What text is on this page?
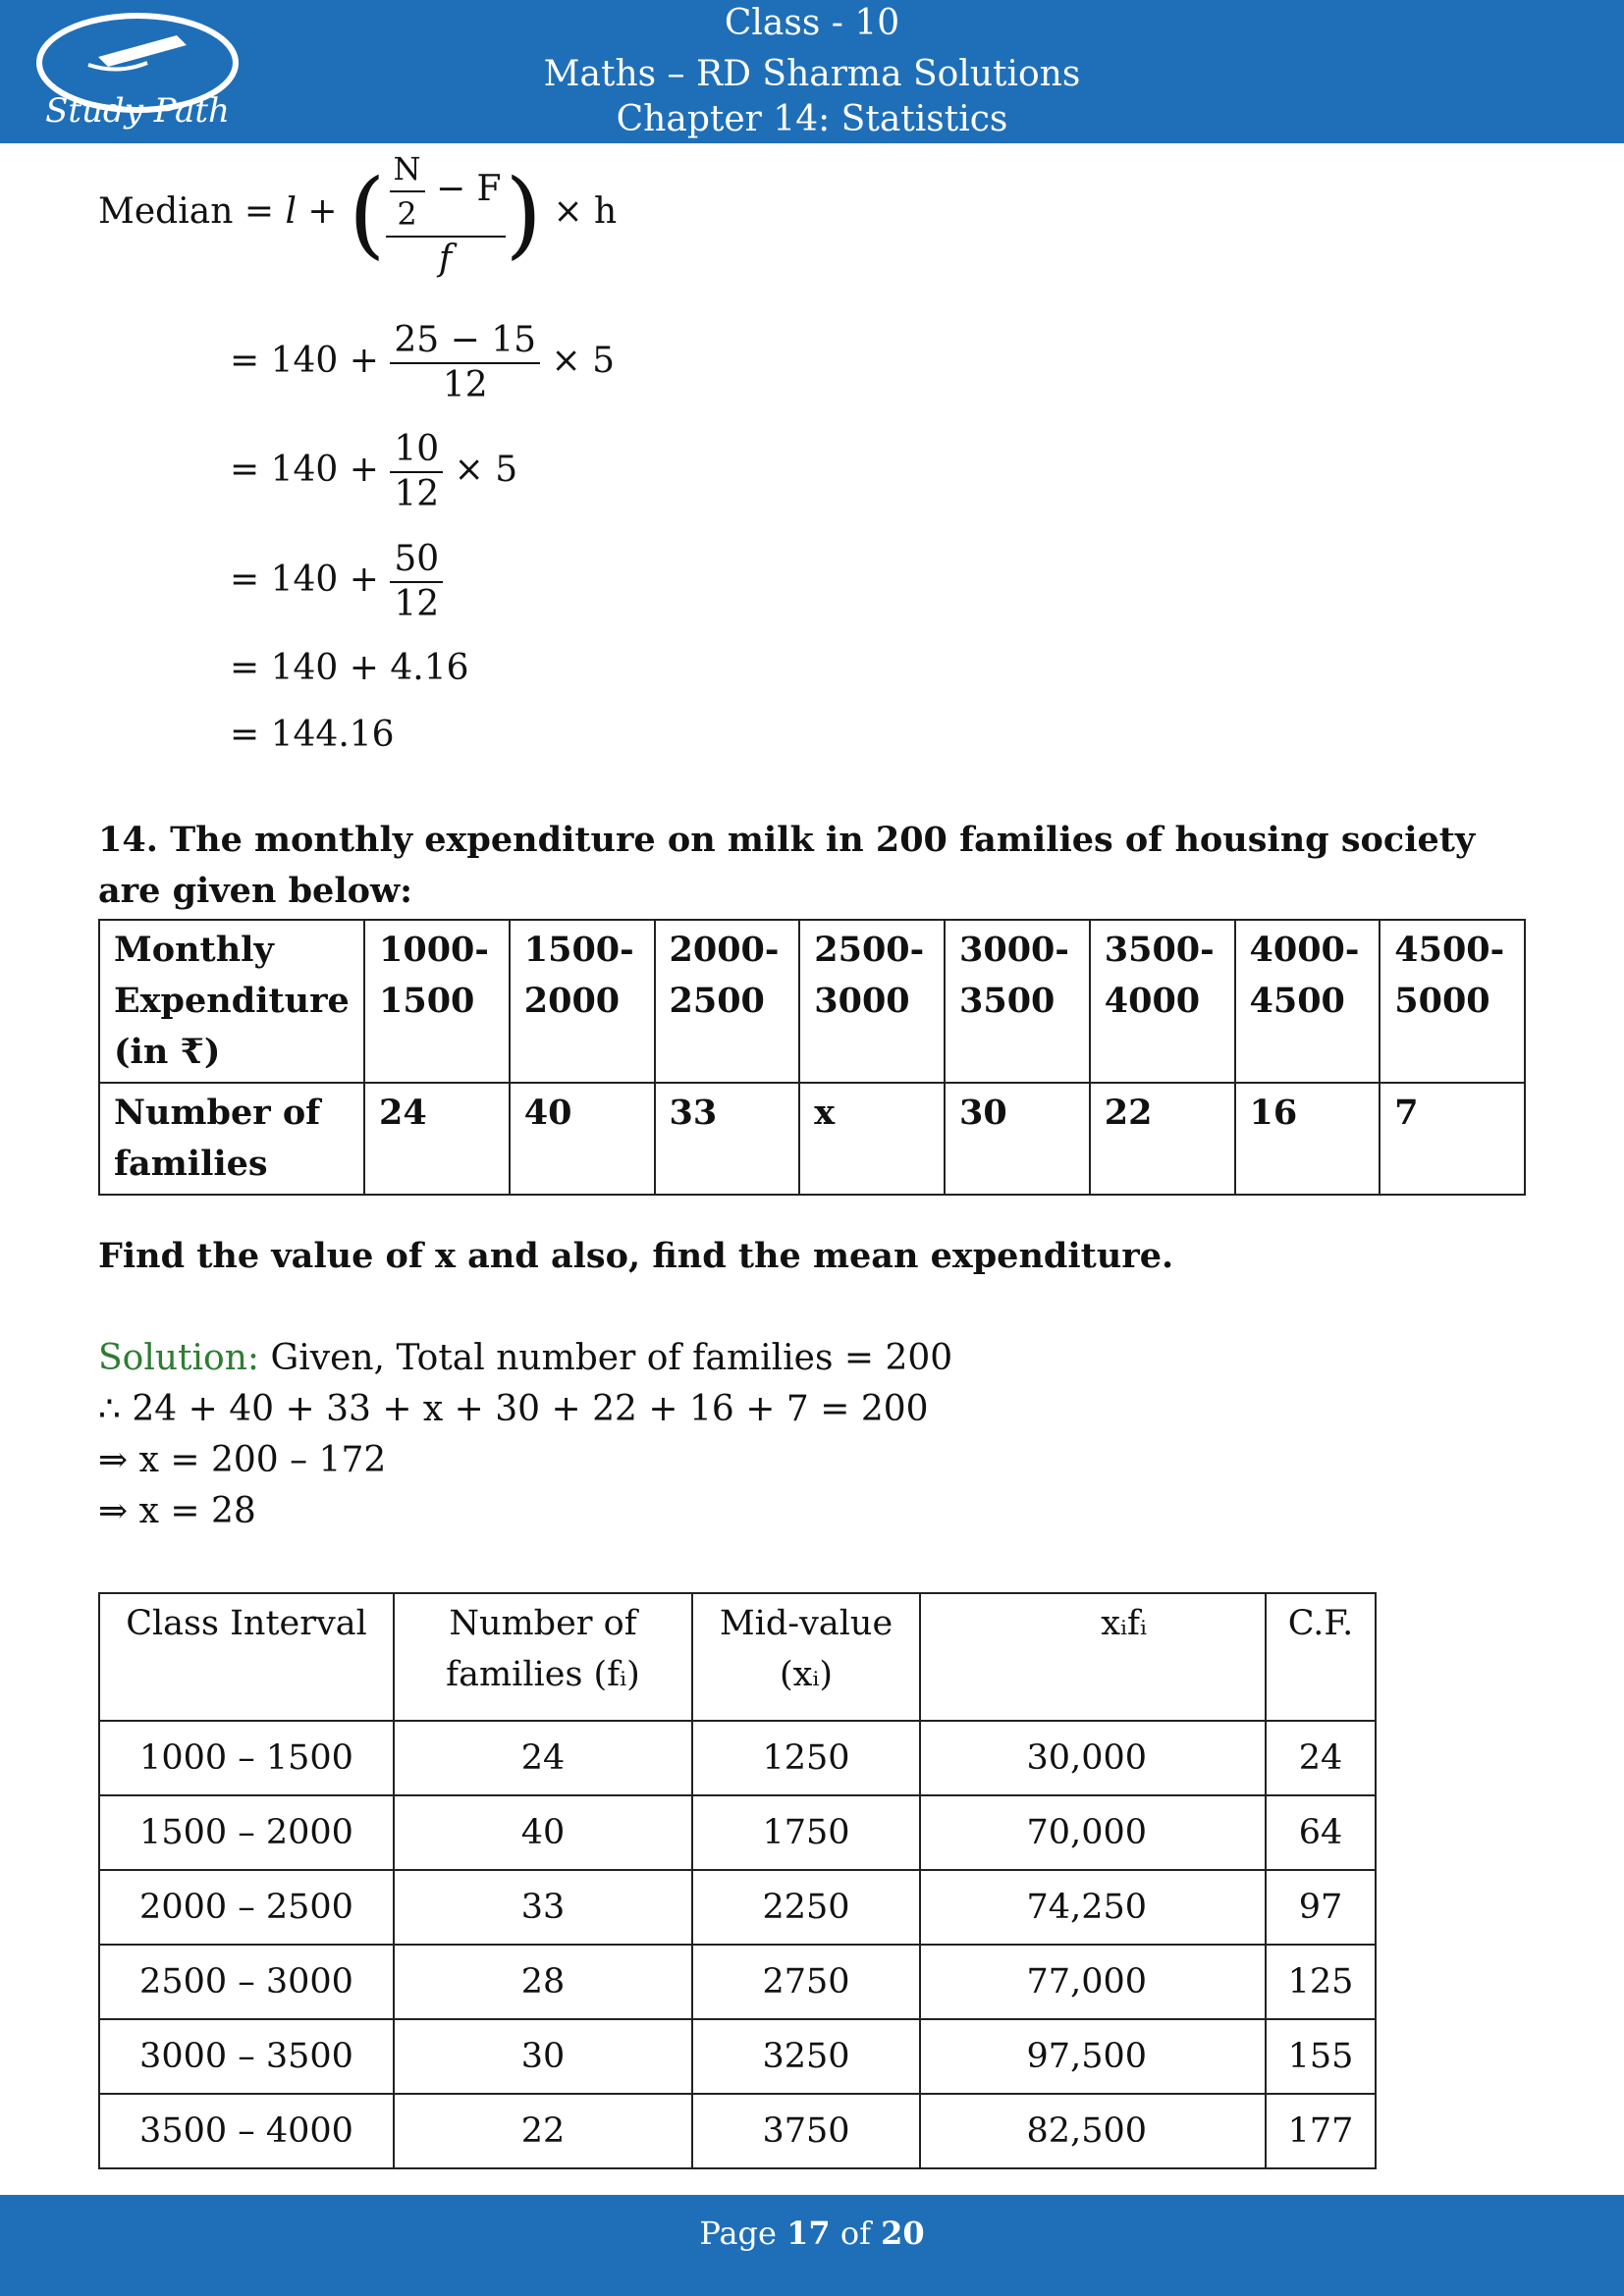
Study Path
Class - 10
Maths – RD Sharma Solutions
Chapter 14: Statistics
Median = l + ( $\frac{\frac{N}{2} - F}{f}$ ) × h
= $140 + \frac{25 - 15}{12} \times 5$
= $140 + \frac{10}{12} \times 5$
= $140 + \frac{50}{12}$
= 140 + 4.16
= 144.16
14. The monthly expenditure on milk in 200 families of housing society are given below:
Monthly Expenditure (in ₹)	1000-1500	1500-2000	2000-2500	2500-3000	3000-3500	3500-4000	4000-4500	4500-5000
Number of families	24	40	33	x	30	22	16	7
Find the value of x and also, find the mean expenditure.
Solution: Given, Total number of families = 200
∴ 24 + 40 + 33 + x + 30 + 22 + 16 + 7 = 200
⇒ x = 200 – 172
⇒ x = 28
Class Interval	Number of families (fᵢ)	Mid-value (xᵢ)	xᵢfᵢ	C.F.
1000 – 1500	24	1250	30,000	24
1500 – 2000	40	1750	70,000	64
2000 – 2500	33	2250	74,250	97
2500 – 3000	28	2750	77,000	125
3000 – 3500	30	3250	97,500	155
3500 – 4000	22	3750	82,500	177
Page 17 of 20
